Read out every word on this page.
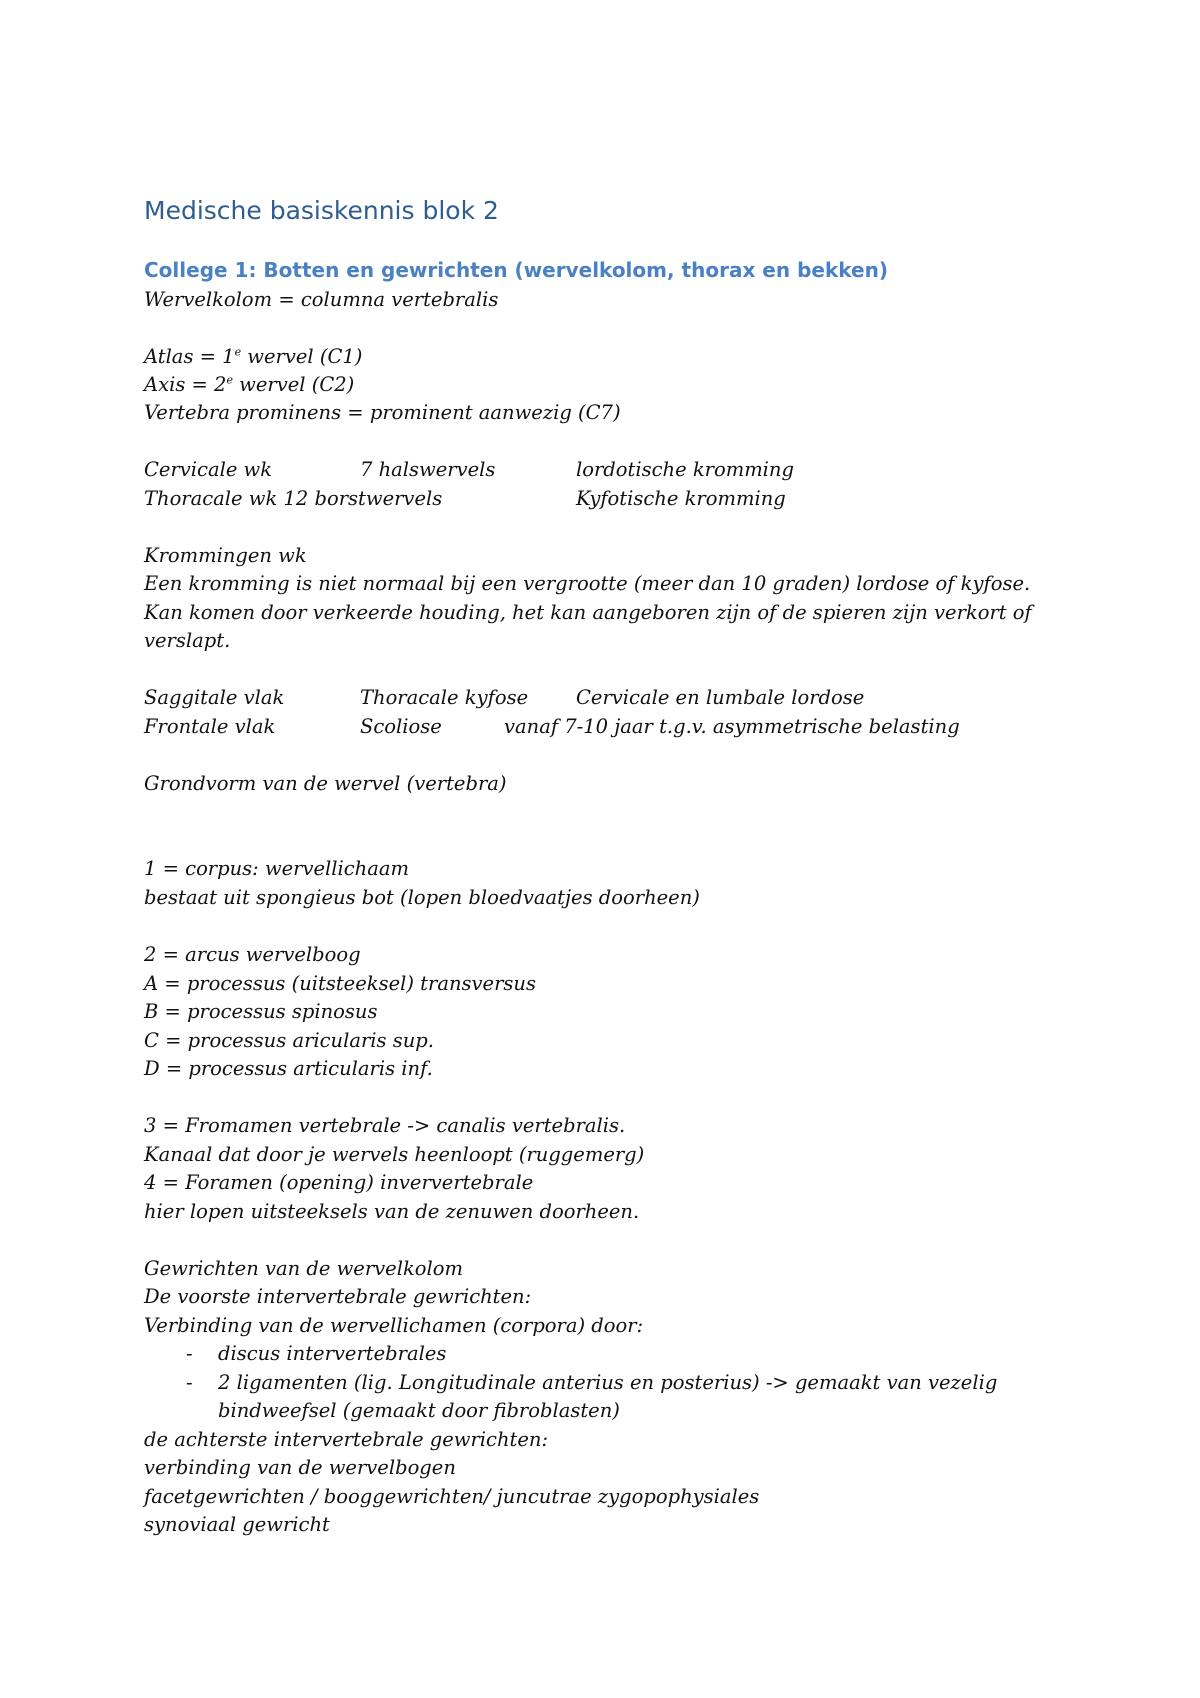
Medische basiskennis blok 2
College 1: Botten en gewrichten (wervelkolom, thorax en bekken)

Wervelkolom = columna vertebralis

Atlas = $1^e$ wervel (C1)

Axis = $2^e$ wervel (C2)

Vertebra prominens = prominent aanwezig (C7)

Cervicale wk	7 halswervels	lordotische kromming
Thoracale wk 12 borstwervels	Kyfotische kromming

Krommingen wk

Een kromming is niet normaal bij een vergrootte (meer dan 10 graden) lordose of kyfose.

Kan komen door verkeerde houding, het kan aangeboren zijn of de spieren zijn verkort of

verslapt.

Saggitale vlak	Thoracale kyfose Cervicale en lumbale lordose
Frontale vlak	Scoliose	vanaf 7-10 jaar t.g.v. asymmetrische belasting

Grondvorm van de wervel (vertebra)

1 = corpus: wervellichaam

bestaat uit spongieus bot (lopen bloedvaatjes doorheen)

2 = arcus wervelboog

A = processus (uitsteeksel) transversus

B = processus spinosus

C = processus aricularis sup.

D = processus articularis inf.

3 = Fromamen vertebrale -> canalis vertebralis.

Kanaal dat door je wervels heenloopt (ruggemerg)

4 = Foramen (opening) inververtebrale

hier lopen uitsteeksels van de zenuwen doorheen.

Gewrichten van de wervelkolom

De voorste intervertebrale gewrichten:

Verbinding van de wervellichamen (corpora) door:

- discus intervertebrales

- 2 ligamenten (lig. Longitudinale anterius en posterius) -> gemaakt van vezelig

bindweefsel (gemaakt door fibroblasten)

de achterste intervertebrale gewrichten:

verbinding van de wervelbogen

facetgewrichten / booggewrichten/ juncutrae zygopophysiales

synoviaal gewricht
